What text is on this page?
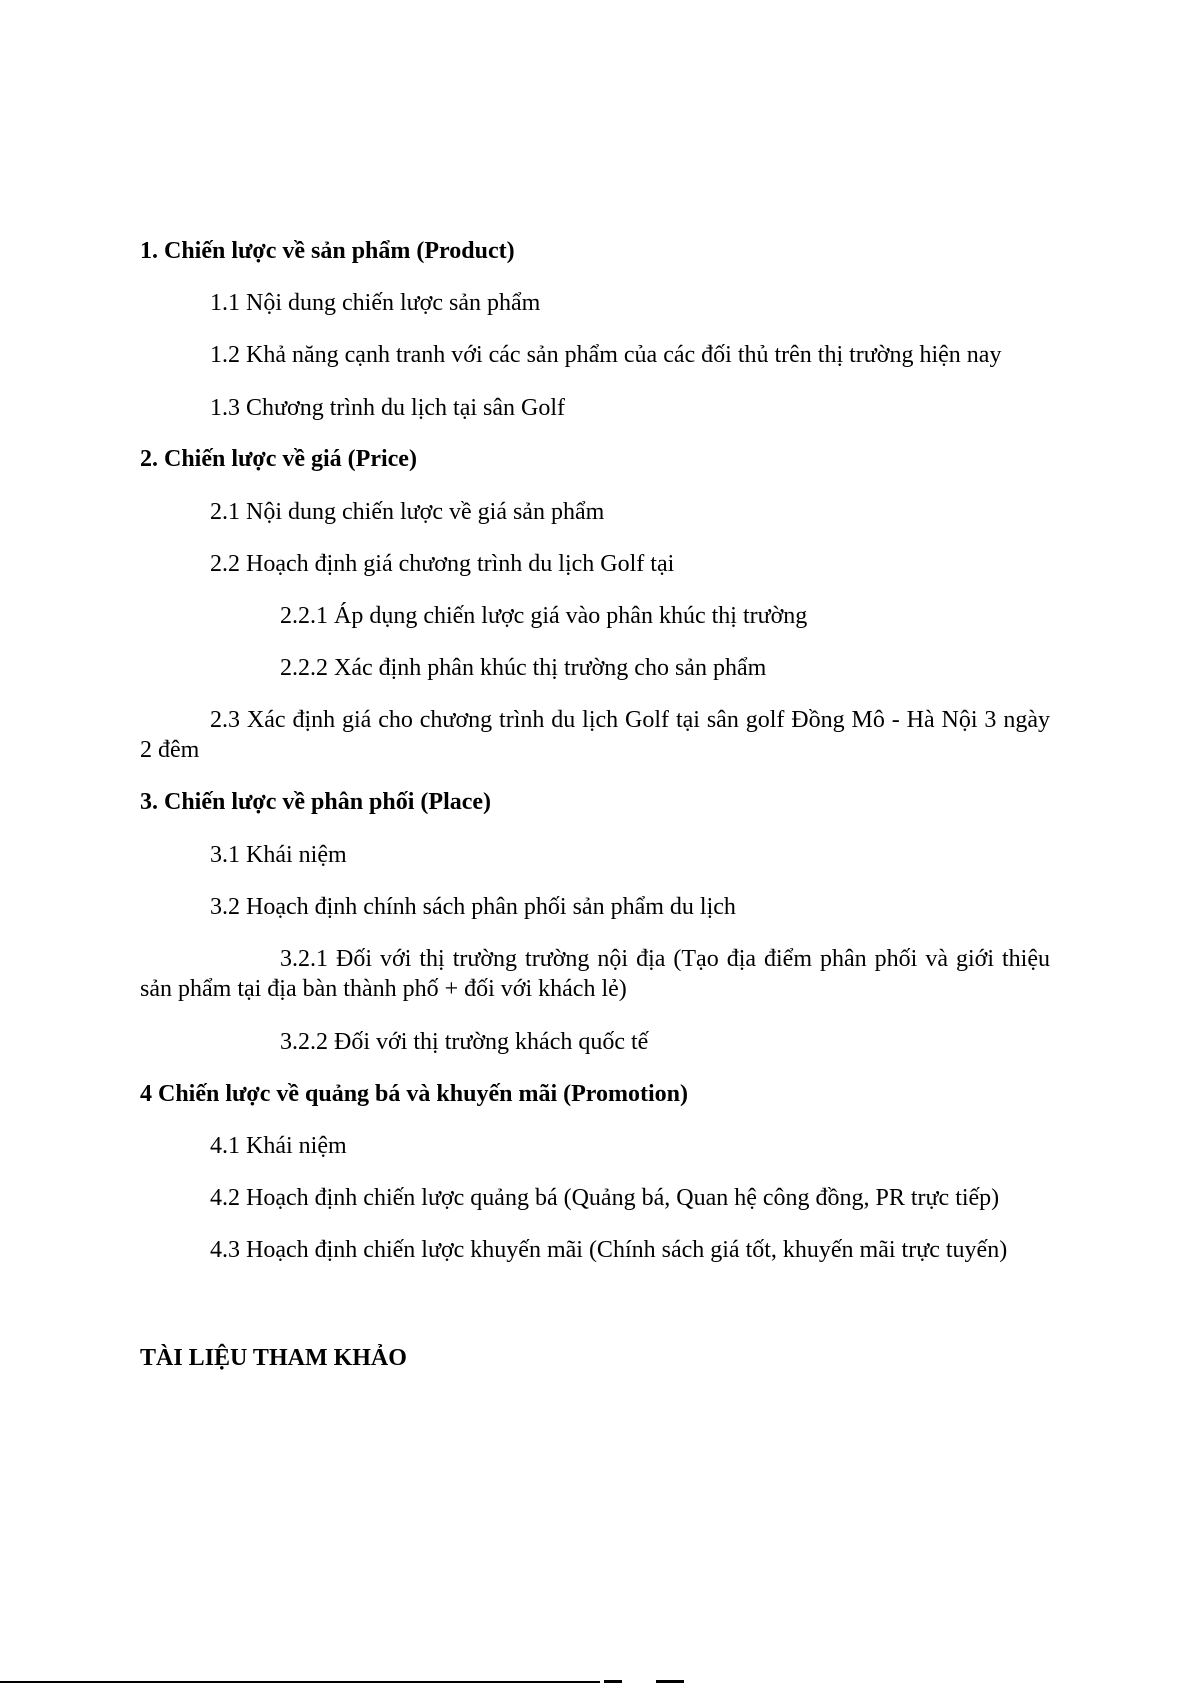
1. Chiến lược về sản phẩm (Product)
1.1 Nội dung chiến lược sản phẩm
1.2 Khả năng cạnh tranh với các sản phẩm của các đối thủ trên thị trường hiện nay
1.3 Chương trình du lịch tại sân Golf
2. Chiến lược về giá (Price)
2.1 Nội dung chiến lược về giá sản phẩm
2.2 Hoạch định giá chương trình du lịch Golf tại
2.2.1 Áp dụng chiến lược giá vào phân khúc thị trường
2.2.2 Xác định phân khúc thị trường cho sản phẩm
2.3 Xác định giá cho chương trình du lịch Golf tại sân golf Đồng Mô - Hà Nội 3 ngày 2 đêm
3. Chiến lược về phân phối (Place)
3.1 Khái niệm
3.2 Hoạch định chính sách phân phối sản phẩm du lịch
3.2.1 Đối với thị trường trường nội địa (Tạo địa điểm phân phối và giới thiệu sản phẩm tại địa bàn thành phố + đối với khách lẻ)
3.2.2 Đối với thị trường khách quốc tế
4 Chiến lược về quảng bá và khuyến mãi (Promotion)
4.1 Khái niệm
4.2 Hoạch định chiến lược quảng bá (Quảng bá, Quan hệ công đồng, PR trực tiếp)
4.3 Hoạch định chiến lược khuyến mãi (Chính sách giá tốt, khuyến mãi trực tuyến)
TÀI LIỆU THAM KHẢO
